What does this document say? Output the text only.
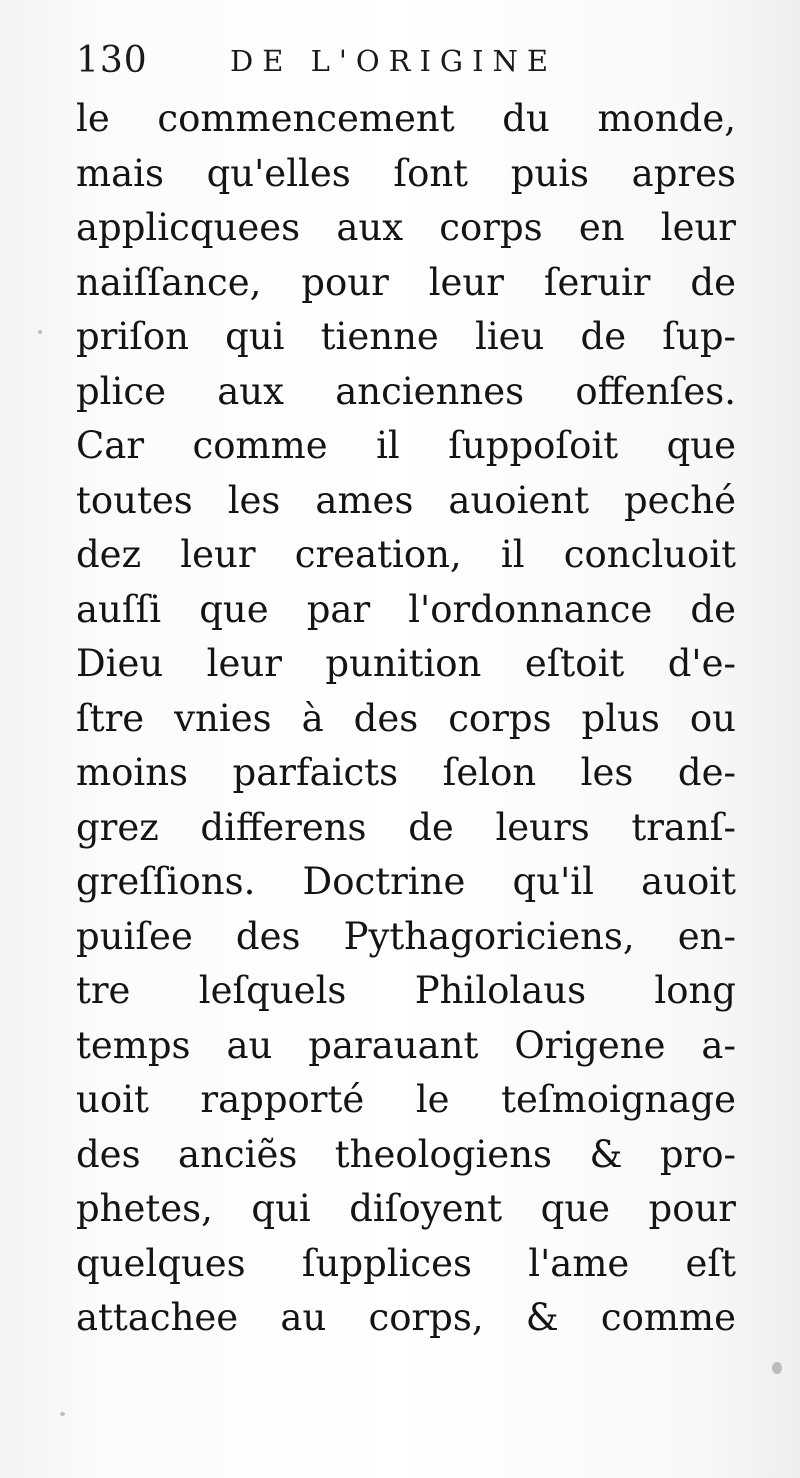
130	DE L'ORIGINE
le commencement du monde,
mais qu'elles ſont puis apres
applicquees aux corps en leur
naiſſance, pour leur ſeruir de
priſon qui tienne lieu de ſup-
plice aux anciennes offenſes.
Car comme il ſuppoſoit que
toutes les ames auoient peché
dez leur creation, il concluoit
auſſi que par l'ordonnance de
Dieu leur punition eſtoit d'e-
ſtre vnies à des corps plus ou
moins parfaicts ſelon les de-
grez differens de leurs tranſ-
greſſions. Doctrine qu'il auoit
puiſee des Pythagoriciens, en-
tre leſquels Philolaus long
temps au parauant Origene a-
uoit rapporté le teſmoignage
des anciẽs theologiens & pro-
phetes, qui diſoyent que pour
quelques ſupplices l'ame eſt
attachee au corps, & comme
